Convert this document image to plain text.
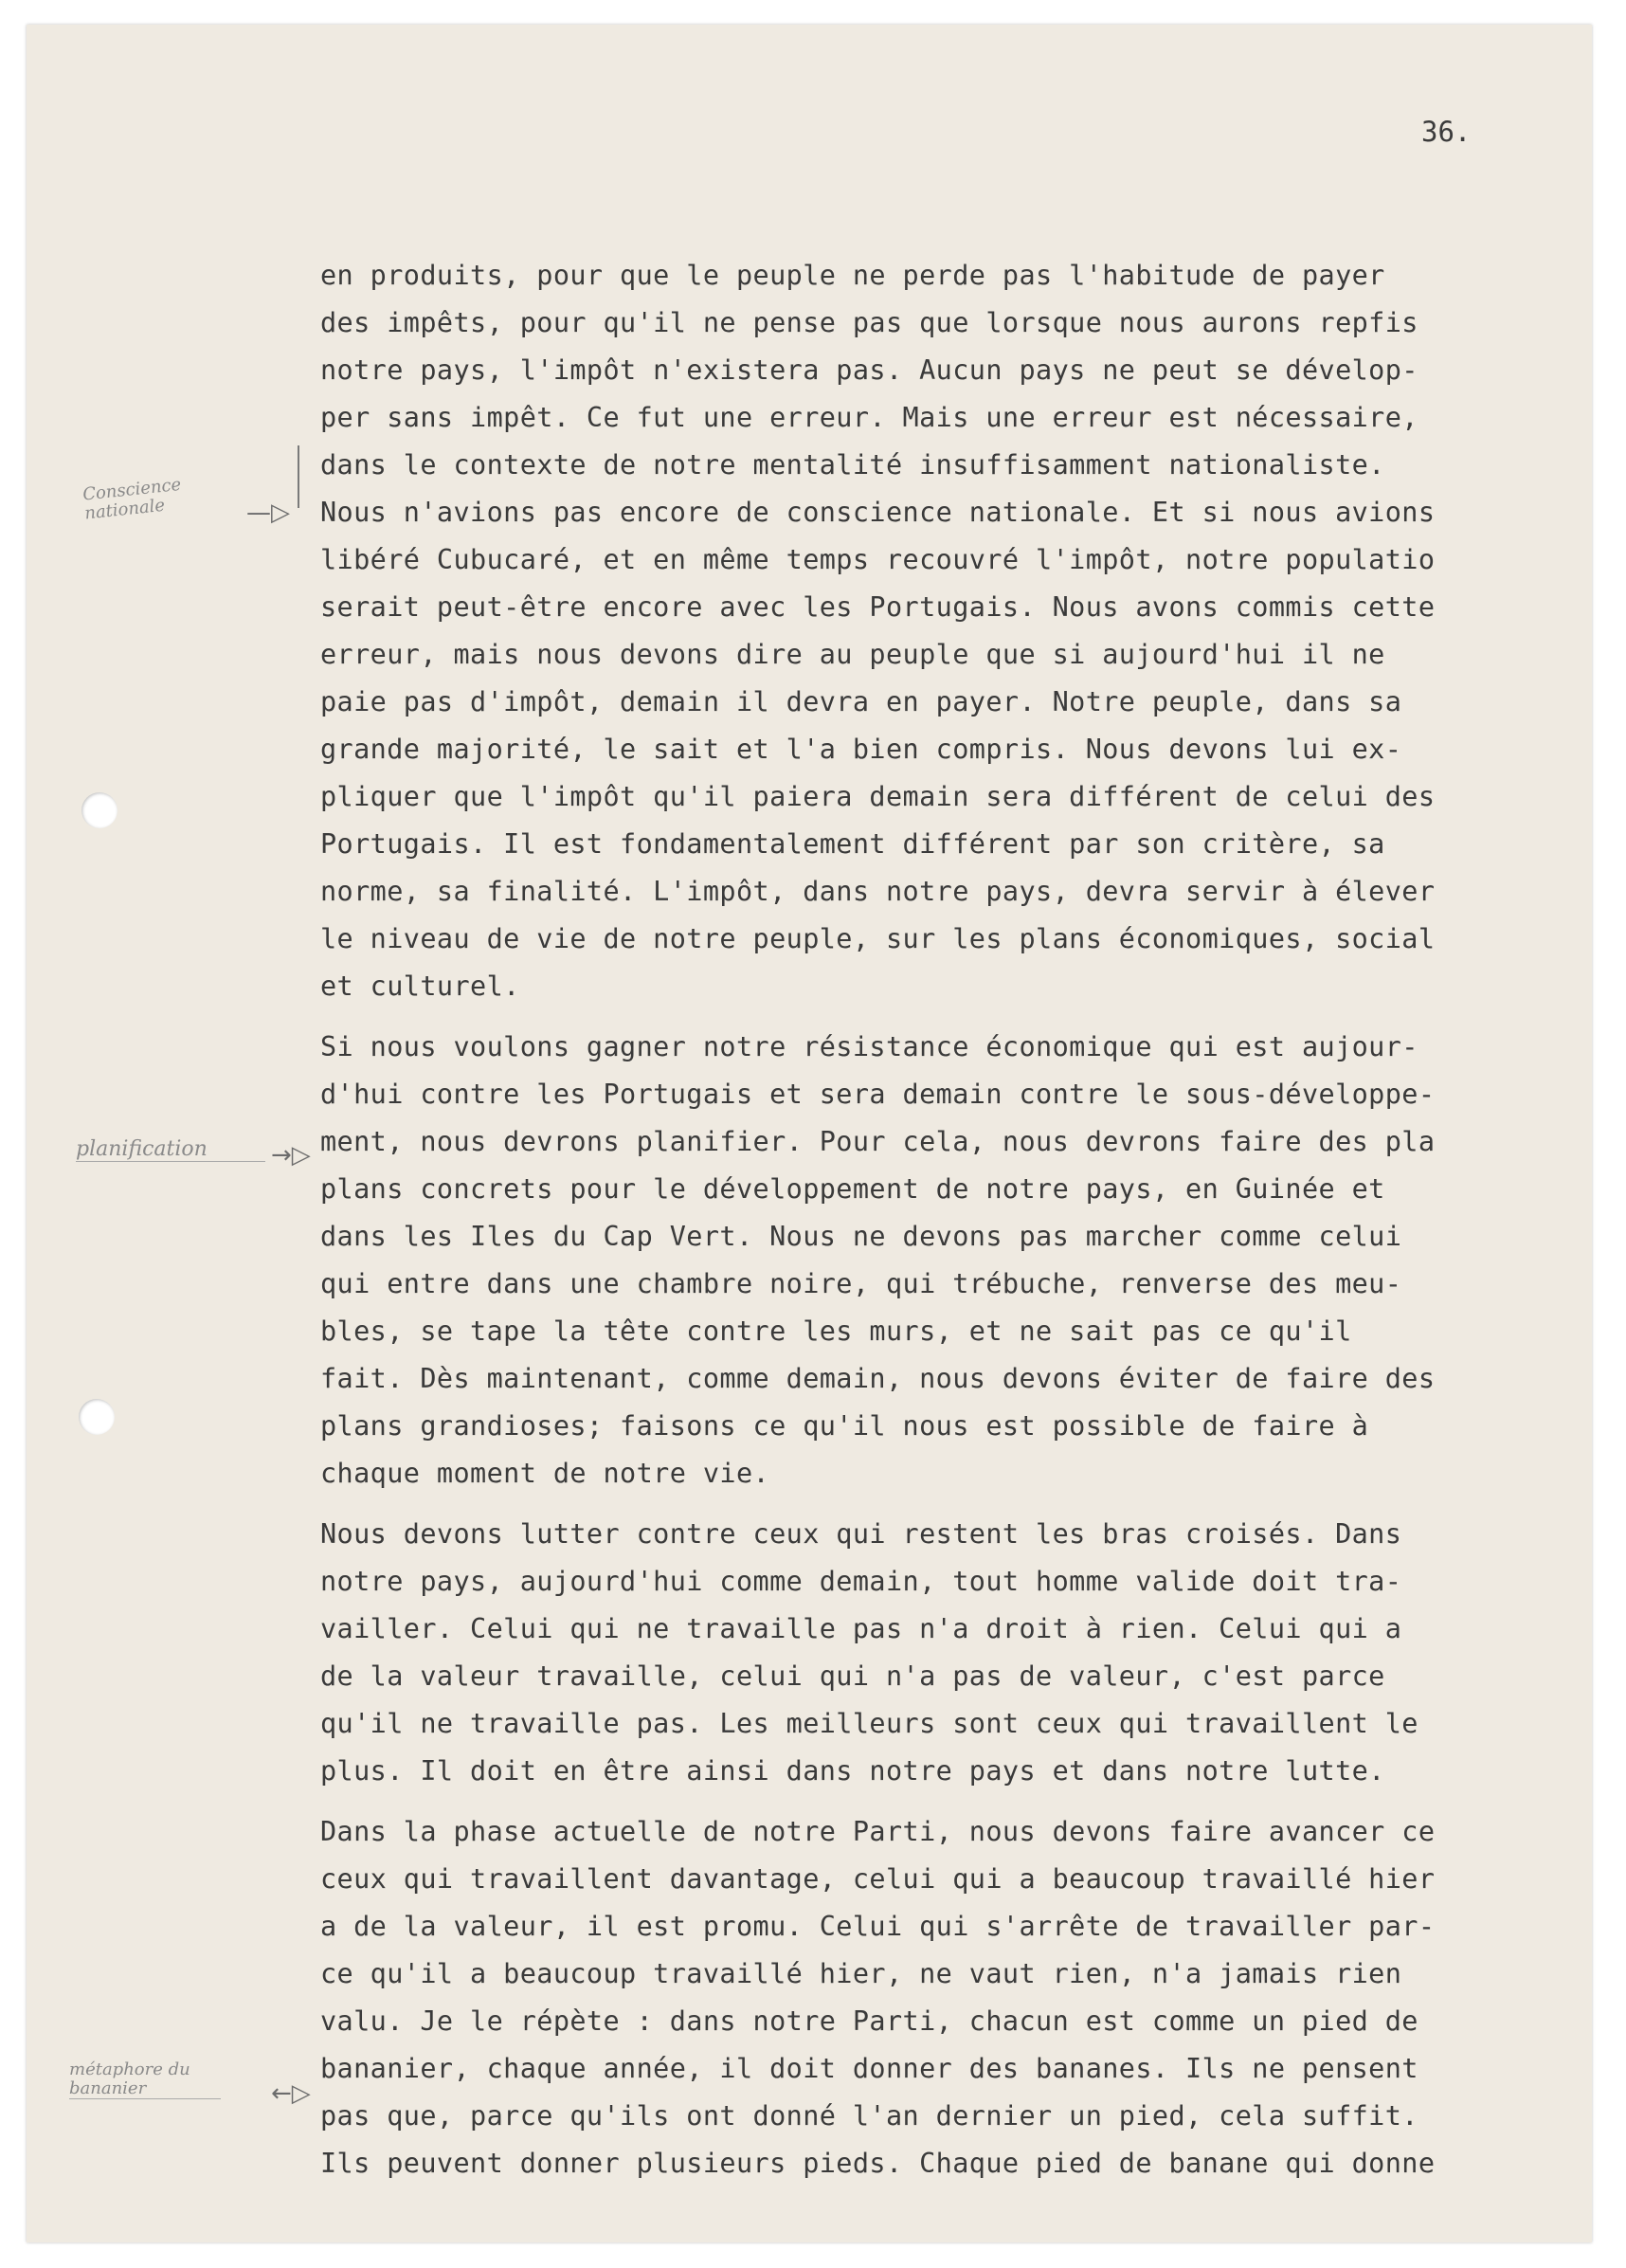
36.
Conscience nationale	—▷
planification	→▷
métaphore du bananier	←▷
en produits, pour que le peuple ne perde pas l'habitude de payer
des impêts, pour qu'il ne pense pas que lorsque nous aurons repfis
notre pays, l'impôt n'existera pas. Aucun pays ne peut se dévelop-
per sans impêt. Ce fut une erreur. Mais une erreur est nécessaire,
dans le contexte de notre mentalité insuffisamment nationaliste.
Nous n'avions pas encore de conscience nationale. Et si nous avions
libéré Cubucaré, et en même temps recouvré l'impôt, notre populatio
serait peut-être encore avec les Portugais. Nous avons commis cette
erreur, mais nous devons dire au peuple que si aujourd'hui il ne
paie pas d'impôt, demain il devra en payer. Notre peuple, dans sa
grande majorité, le sait et l'a bien compris. Nous devons lui ex-
pliquer que l'impôt qu'il paiera demain sera différent de celui des
Portugais. Il est fondamentalement différent par son critère, sa
norme, sa finalité. L'impôt, dans notre pays, devra servir à élever
le niveau de vie de notre peuple, sur les plans économiques, social
et culturel.
Si nous voulons gagner notre résistance économique qui est aujour-
d'hui contre les Portugais et sera demain contre le sous-développe-
ment, nous devrons planifier. Pour cela, nous devrons faire des pla
plans concrets pour le développement de notre pays, en Guinée et
dans les Iles du Cap Vert. Nous ne devons pas marcher comme celui
qui entre dans une chambre noire, qui trébuche, renverse des meu-
bles, se tape la tête contre les murs, et ne sait pas ce qu'il
fait. Dès maintenant, comme demain, nous devons éviter de faire des
plans grandioses; faisons ce qu'il nous est possible de faire à
chaque moment de notre vie.
Nous devons lutter contre ceux qui restent les bras croisés. Dans
notre pays, aujourd'hui comme demain, tout homme valide doit tra-
vailler. Celui qui ne travaille pas n'a droit à rien. Celui qui a
de la valeur travaille, celui qui n'a pas de valeur, c'est parce
qu'il ne travaille pas. Les meilleurs sont ceux qui travaillent le
plus. Il doit en être ainsi dans notre pays et dans notre lutte.
Dans la phase actuelle de notre Parti, nous devons faire avancer ce
ceux qui travaillent davantage, celui qui a beaucoup travaillé hier
a de la valeur, il est promu. Celui qui s'arrête de travailler par-
ce qu'il a beaucoup travaillé hier, ne vaut rien, n'a jamais rien
valu. Je le répète : dans notre Parti, chacun est comme un pied de
bananier, chaque année, il doit donner des bananes. Ils ne pensent
pas que, parce qu'ils ont donné l'an dernier un pied, cela suffit.
Ils peuvent donner plusieurs pieds. Chaque pied de banane qui donne
